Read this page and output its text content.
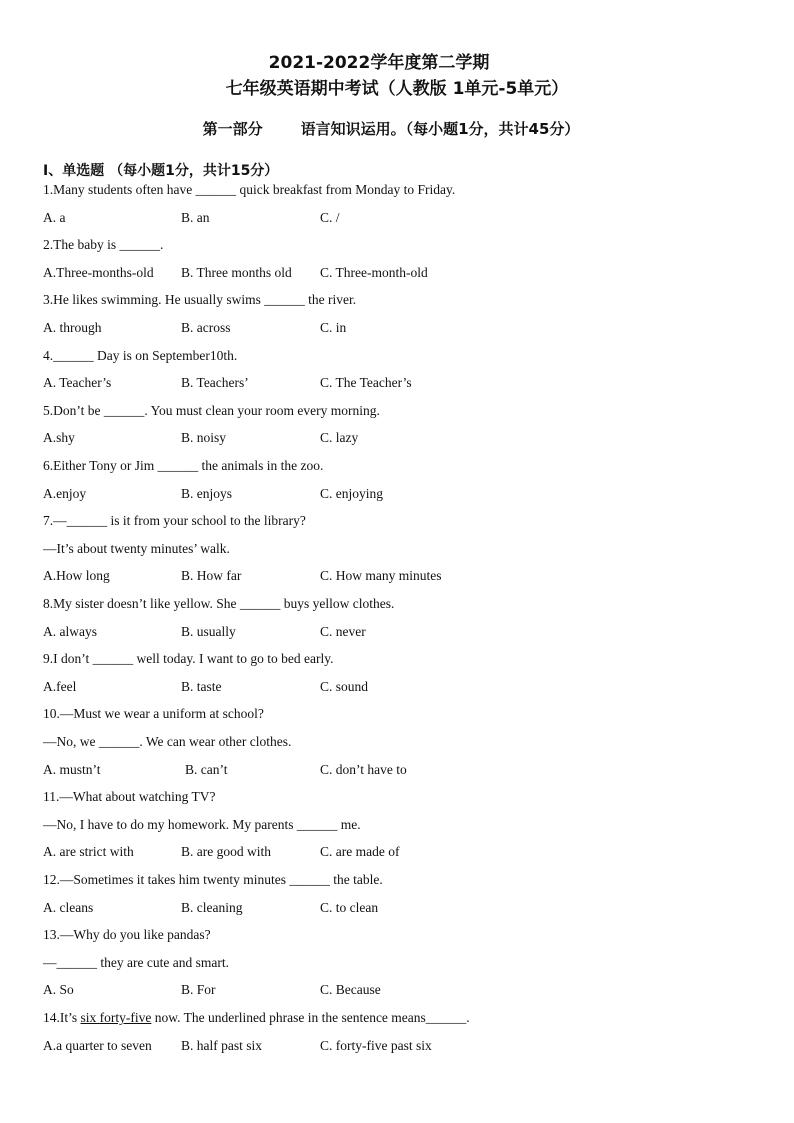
2021-2022学年度第二学期
七年级英语期中考试（人教版 1单元-5单元）
第一部分	语言知识运用。（每小题1分，共计45分）
I、单选题 （每小题1分，共计15分）
1.Many students often have ______ quick breakfast from Monday to Friday.
A. a	B. an	C. /
2.The baby is ______.
A.Three-months-old B. Three months old C. Three-month-old
3.He likes swimming. He usually swims ______ the river.
A. through	B. across	C. in
4.______ Day is on September10th.
A. Teacher’s	B. Teachers’	C. The Teacher’s
5.Don’t be ______. You must clean your room every morning.
A.shy	B. noisy	C. lazy
6.Either Tony or Jim ______ the animals in the zoo.
A.enjoy	B. enjoys	C. enjoying
7.—______ is it from your school to the library?
—It’s about twenty minutes’ walk.
A.How long	B. How far	C. How many minutes
8.My sister doesn’t like yellow. She ______ buys yellow clothes.
A. always	B. usually	C. never
9.I don’t ______ well today. I want to go to bed early.
A.feel	B. taste	C. sound
10.—Must we wear a uniform at school?
—No, we ______. We can wear other clothes.
A. mustn’t	B. can’t	C. don’t have to
11.—What about watching TV?
—No, I have to do my homework. My parents ______ me.
A. are strict with	B. are good with	C. are made of
12.—Sometimes it takes him twenty minutes ______ the table.
A. cleans	B. cleaning	C. to clean
13.—Why do you like pandas?
—______ they are cute and smart.
A. So	B. For	C. Because
14.It’s six forty-five now. The underlined phrase in the sentence means______.
A.a quarter to seven B. half past six	C. forty-five past six
